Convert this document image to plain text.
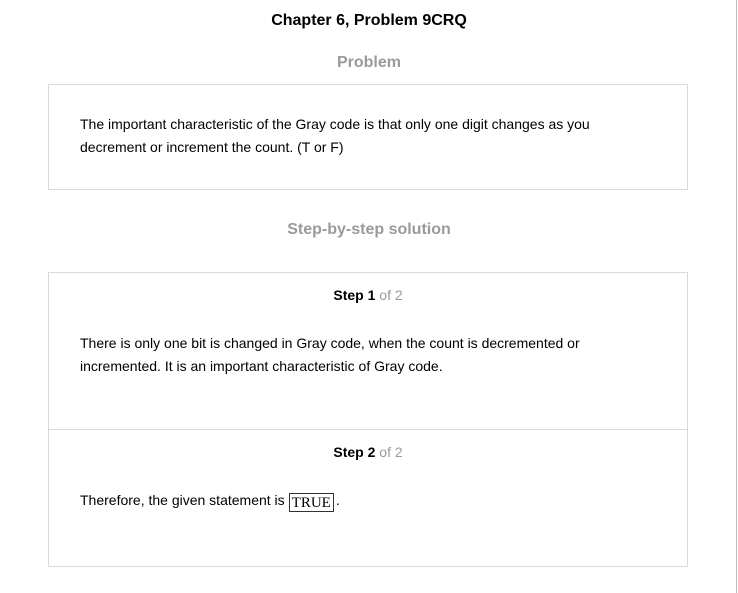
Chapter 6, Problem 9CRQ
Problem
The important characteristic of the Gray code is that only one digit changes as you decrement or increment the count. (T or F)
Step-by-step solution
Step 1 of 2
There is only one bit is changed in Gray code, when the count is decremented or incremented. It is an important characteristic of Gray code.
Step 2 of 2
Therefore, the given statement is TRUE .
